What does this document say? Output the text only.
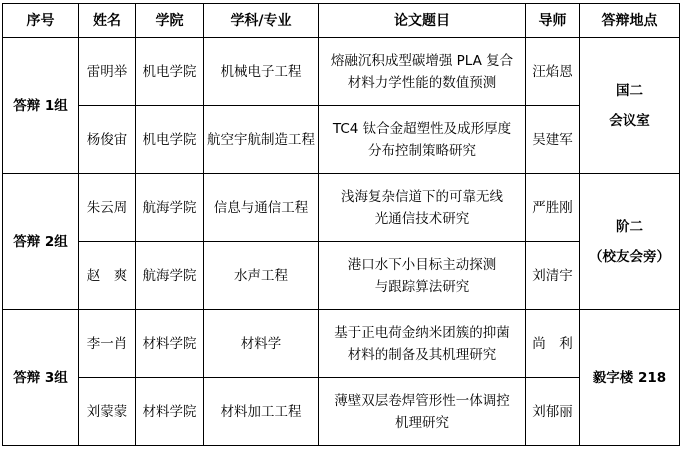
序号	姓名	学院	学科/专业	论文题目	导师	答辩地点
答辩 1组	雷明举	机电学院	机械电子工程	熔融沉积成型碳增强 PLA 复合
材料力学性能的数值预测	汪焰恩	国二
会议室

	杨俊宙	机电学院	航空宇航制造工程	TC4 钛合金超塑性及成形厚度
分布控制策略研究	吴建军	
答辩 2组	朱云周	航海学院	信息与通信工程	浅海复杂信道下的可靠无线
光通信技术研究	严胜刚	阶二
（校友会旁）

	赵　爽	航海学院	水声工程	港口水下小目标主动探测
与跟踪算法研究	刘清宇	
答辩 3组	李一肖	材料学院	材料学	基于正电荷金纳米团簇的抑菌
材料的制备及其机理研究	尚　利	毅字楼 218

	刘蒙蒙	材料学院	材料加工工程	薄壁双层卷焊管形性一体调控
机理研究	刘郁丽	
